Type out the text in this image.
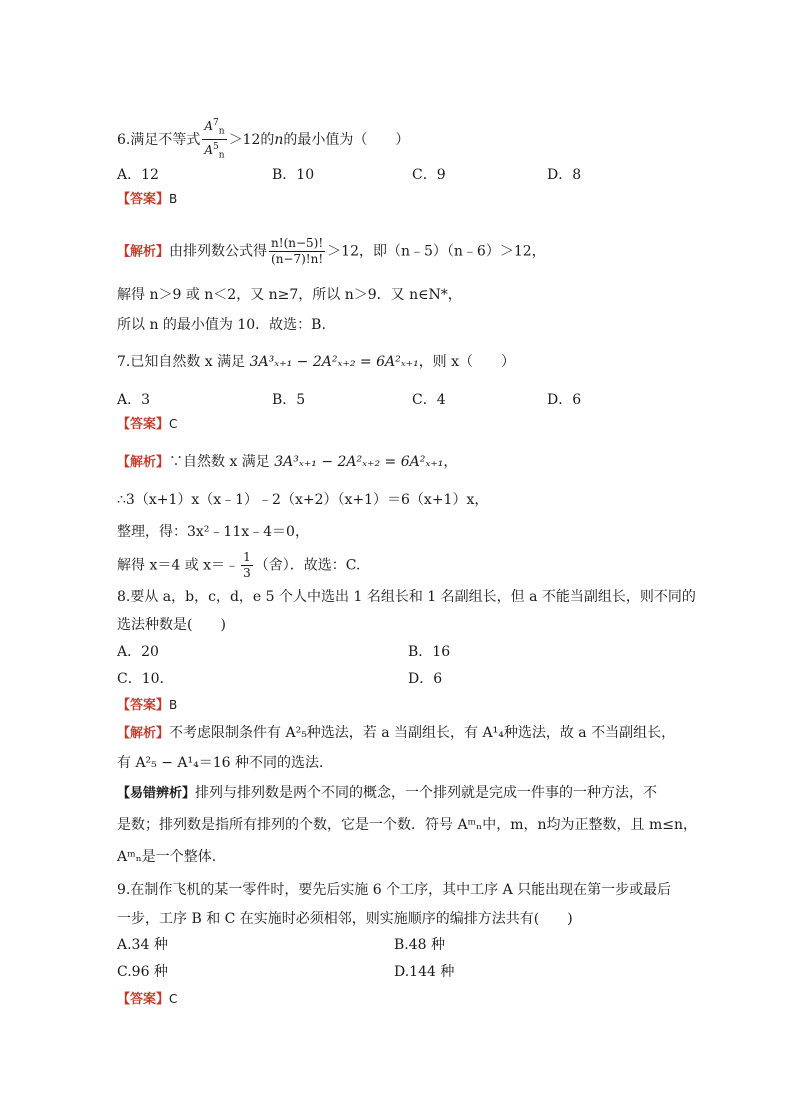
6.满足不等式 $\frac{A^7_n}{A^5_n} >12$的n的最小值为（　　）
A．12	B．10	C．9	D．8
【答案】B
【解析】由排列数公式得 $\frac{n!(n-5)!}{(n-7)!n!} >12$，即（n﹣5）（n﹣6）＞12，
解得 n＞9 或 n＜2，又 n≥7，所以 n＞9．又 n∈N*，
所以 n 的最小值为 10．故选：B.
7.已知自然数 x 满足 3A³ₓ₊₁ − 2A²ₓ₊₂ = 6A²ₓ₊₁，则 x（　　）
A．3	B．5	C．4	D．6
【答案】C
【解析】∵自然数 x 满足 3A³ₓ₊₁ − 2A²ₓ₊₂ = 6A²ₓ₊₁，
∴3（x+1）x（x﹣1）﹣2（x+2）（x+1）＝6（x+1）x，
整理，得：3x²﹣11x﹣4＝0，
解得 x＝4 或 x＝﹣ $\frac{1}{3}$ （舍）．故选：C.
8.要从 a，b，c，d，e 5 个人中选出 1 名组长和 1 名副组长，但 a 不能当副组长，则不同的
选法种数是(　　)
A．20	B．16
C．10.	D．6
【答案】B
【解析】不考虑限制条件有 A²₅种选法，若 a 当副组长，有 A¹₄种选法，故 a 不当副组长，
有 A²₅ − A¹₄＝16 种不同的选法．
【易错辨析】排列与排列数是两个不同的概念，一个排列就是完成一件事的一种方法，不
是数；排列数是指所有排列的个数，它是一个数．符号 Aᵐₙ中，m，n均为正整数，且 m≤n，
Aᵐₙ是一个整体．
9.在制作飞机的某一零件时，要先后实施 6 个工序，其中工序 A 只能出现在第一步或最后
一步，工序 B 和 C 在实施时必须相邻，则实施顺序的编排方法共有(　　)
A.34 种	B.48 种
C.96 种	D.144 种
【答案】C
